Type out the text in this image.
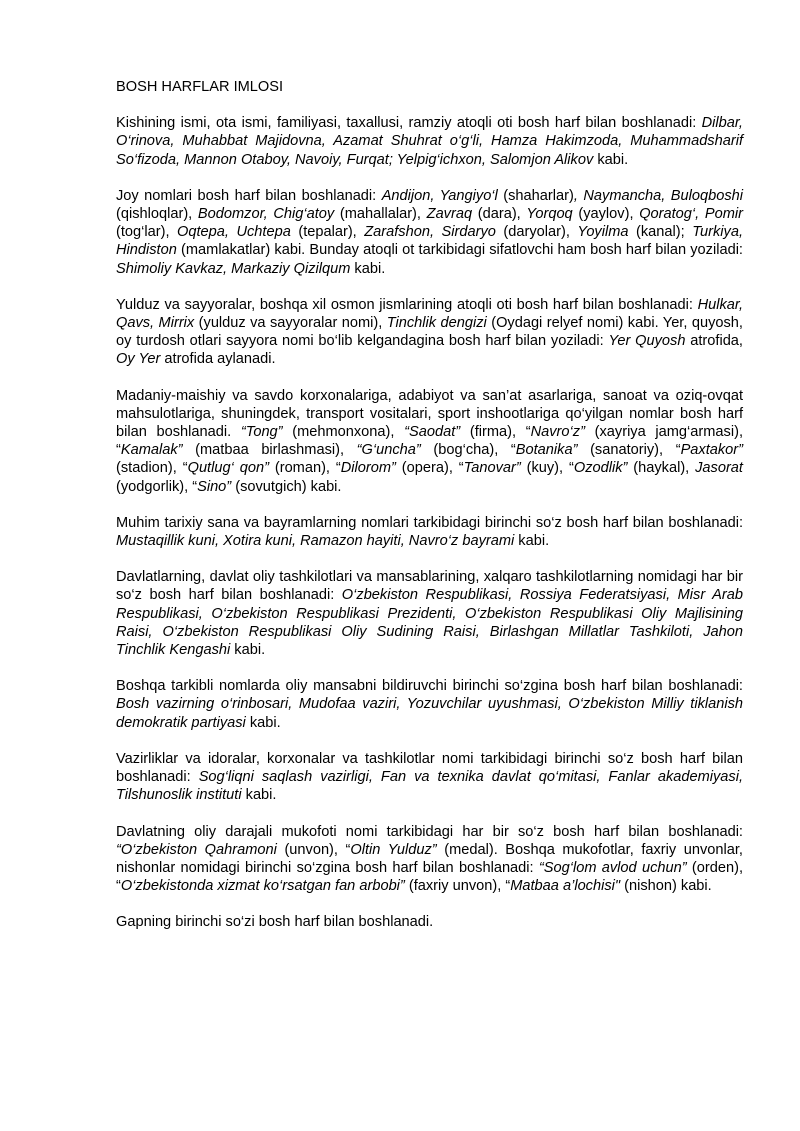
BOSH HARFLAR IMLOSI
Kishining ismi, ota ismi, familiyasi, taxallusi, ramziy atoqli oti bosh harf bilan boshlanadi: Dilbar, O‘rinova, Muhabbat Majidovna, Azamat Shuhrat o‘g‘li, Hamza Hakimzoda, Muhammadsharif So‘fizoda, Mannon Otaboy, Navoiy, Furqat; Yelpig‘ichxon, Salomjon Alikov kabi.
Joy nomlari bosh harf bilan boshlanadi: Andijon, Yangiyo‘l (shaharlar), Naymancha, Buloqboshi (qishloqlar), Bodomzor, Chig‘atoy (mahallalar), Zavraq (dara), Yorqoq (yaylov), Qoratog‘, Pomir (tog‘lar), Oqtepa, Uchtepa (tepalar), Zarafshon, Sirdaryo (daryolar), Yoyilma (kanal); Turkiya, Hindiston (mamlakatlar) kabi. Bunday atoqli ot tarkibidagi sifatlovchi ham bosh harf bilan yoziladi: Shimoliy Kavkaz, Markaziy Qizilqum kabi.
Yulduz va sayyoralar, boshqa xil osmon jismlarining atoqli oti bosh harf bilan boshlanadi: Hulkar, Qavs, Mirrix (yulduz va sayyoralar nomi), Tinchlik dengizi (Oydagi relyef nomi) kabi. Yer, quyosh, oy turdosh otlari sayyora nomi bo‘lib kelgandagina bosh harf bilan yoziladi: Yer Quyosh atrofida, Oy Yer atrofida aylanadi.
Madaniy-maishiy va savdo korxonalariga, adabiyot va san’at asarlariga, sanoat va oziq-ovqat mahsulotlariga, shuningdek, transport vositalari, sport inshootlariga qo‘yilgan nomlar bosh harf bilan boshlanadi. “Tong” (mehmonxona), “Saodat” (firma), “Navro‘z” (xayriya jamg‘armasi), “Kamalak” (matbaa birlashmasi), “G‘uncha” (bog‘cha), “Botanika” (sanatoriy), “Paxtakor” (stadion), “Qutlug‘ qon” (roman), “Dilorom” (opera), “Tanovar” (kuy), “Ozodlik” (haykal), Jasorat (yodgorlik), “Sino” (sovutgich) kabi.
Muhim tarixiy sana va bayramlarning nomlari tarkibidagi birinchi so‘z bosh harf bilan boshlanadi: Mustaqillik kuni, Xotira kuni, Ramazon hayiti, Navro‘z bayrami kabi.
Davlatlarning, davlat oliy tashkilotlari va mansablarining, xalqaro tashkilotlarning nomidagi har bir so‘z bosh harf bilan boshlanadi: O‘zbekiston Respublikasi, Rossiya Federatsiyasi, Misr Arab Respublikasi, O‘zbekiston Respublikasi Prezidenti, O‘zbekiston Respublikasi Oliy Majlisining Raisi, O‘zbekiston Respublikasi Oliy Sudining Raisi, Birlashgan Millatlar Tashkiloti, Jahon Tinchlik Kengashi kabi.
Boshqa tarkibli nomlarda oliy mansabni bildiruvchi birinchi so‘zgina bosh harf bilan boshlanadi: Bosh vazirning o‘rinbosari, Mudofaa vaziri, Yozuvchilar uyushmasi, O‘zbekiston Milliy tiklanish demokratik partiyasi kabi.
Vazirliklar va idoralar, korxonalar va tashkilotlar nomi tarkibidagi birinchi so‘z bosh harf bilan boshlanadi: Sog‘liqni saqlash vazirligi, Fan va texnika davlat qo‘mitasi, Fanlar akademiyasi, Tilshunoslik instituti kabi.
Davlatning oliy darajali mukofoti nomi tarkibidagi har bir so‘z bosh harf bilan boshlanadi: “O‘zbekiston Qahramoni (unvon), “Oltin Yulduz” (medal). Boshqa mukofotlar, faxriy unvonlar, nishonlar nomidagi birinchi so‘zgina bosh harf bilan boshlanadi: “Sog‘lom avlod uchun” (orden), “O‘zbekistonda xizmat ko‘rsatgan fan arbobi” (faxriy unvon), “Matbaa a’lochisi" (nishon) kabi.
Gapning birinchi so‘zi bosh harf bilan boshlanadi.
